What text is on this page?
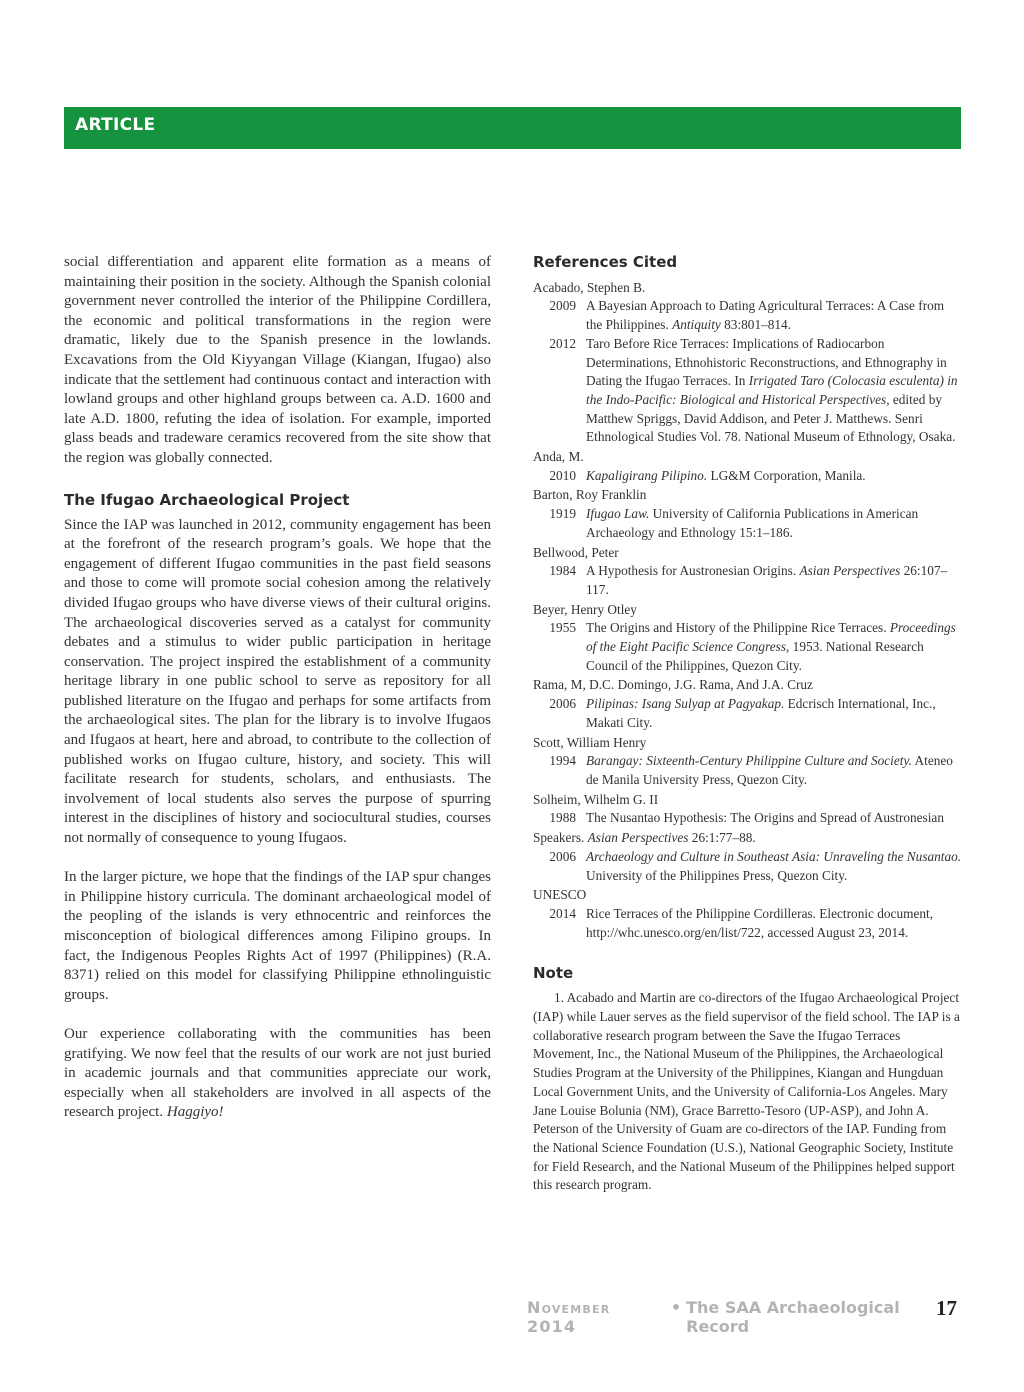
ARTICLE

social differentiation and apparent elite formation as a means of maintaining their position in the society. Although the Spanish colonial government never controlled the interior of the Philippine Cordillera, the economic and political transformations in the region were dramatic, likely due to the Spanish presence in the lowlands. Excavations from the Old Kiyyangan Village (Kiangan, Ifugao) also indicate that the settlement had continuous contact and interaction with lowland groups and other highland groups between ca. A.D. 1600 and late A.D. 1800, refuting the idea of isolation. For example, imported glass beads and tradeware ceramics recovered from the site show that the region was globally connected.

The Ifugao Archaeological Project

Since the IAP was launched in 2012, community engagement has been at the forefront of the research program’s goals. We hope that the engagement of different Ifugao communities in the past field seasons and those to come will promote social cohesion among the relatively divided Ifugao groups who have diverse views of their cultural origins. The archaeological discoveries served as a catalyst for community debates and a stimulus to wider public participation in heritage conservation. The project inspired the establishment of a community heritage library in one public school to serve as repository for all published literature on the Ifugao and perhaps for some artifacts from the archaeological sites. The plan for the library is to involve Ifugaos and Ifugaos at heart, here and abroad, to contribute to the collection of published works on Ifugao culture, history, and society. This will facilitate research for students, scholars, and enthusiasts. The involvement of local students also serves the purpose of spurring interest in the disciplines of history and sociocultural studies, courses not normally of consequence to young Ifugaos.

In the larger picture, we hope that the findings of the IAP spur changes in Philippine history curricula. The dominant archaeological model of the peopling of the islands is very ethnocentric and reinforces the misconception of biological differences among Filipino groups. In fact, the Indigenous Peoples Rights Act of 1997 (Philippines) (R.A. 8371) relied on this model for classifying Philippine ethnolinguistic groups.

Our experience collaborating with the communities has been gratifying. We now feel that the results of our work are not just buried in academic journals and that communities appreciate our work, especially when all stakeholders are involved in all aspects of the research project. Haggiyo!

References Cited
Acabado, Stephen B.
2009 A Bayesian Approach to Dating Agricultural Terraces: A Case from the Philippines. Antiquity 83:801–814.
2012 Taro Before Rice Terraces: Implications of Radiocarbon Determinations, Ethnohistoric Reconstructions, and Ethnography in Dating the Ifugao Terraces. In Irrigated Taro (Colocasia esculenta) in the Indo-Pacific: Biological and Historical Perspectives, edited by Matthew Spriggs, David Addison, and Peter J. Matthews. Senri Ethnological Studies Vol. 78. National Museum of Ethnology, Osaka.
Anda, M.
2010 Kapaligirang Pilipino. LG&M Corporation, Manila.
Barton, Roy Franklin
1919 Ifugao Law. University of California Publications in American Archaeology and Ethnology 15:1–186.
Bellwood, Peter
1984 A Hypothesis for Austronesian Origins. Asian Perspectives 26:107–117.
Beyer, Henry Otley
1955 The Origins and History of the Philippine Rice Terraces. Proceedings of the Eight Pacific Science Congress, 1953. National Research Council of the Philippines, Quezon City.
Rama, M, D.C. Domingo, J.G. Rama, And J.A. Cruz
2006 Pilipinas: Isang Sulyap at Pagyakap. Edcrisch International, Inc., Makati City.
Scott, William Henry
1994 Barangay: Sixteenth-Century Philippine Culture and Society. Ateneo de Manila University Press, Quezon City.
Solheim, Wilhelm G. II
1988 The Nusantao Hypothesis: The Origins and Spread of Austronesian
Speakers. Asian Perspectives 26:1:77–88.
2006 Archaeology and Culture in Southeast Asia: Unraveling the Nusantao. University of the Philippines Press, Quezon City.
UNESCO
2014 Rice Terraces of the Philippine Cordilleras. Electronic document, http://whc.unesco.org/en/list/722, accessed August 23, 2014.
Note

1. Acabado and Martin are co-directors of the Ifugao Archaeological Project (IAP) while Lauer serves as the field supervisor of the field school. The IAP is a collaborative research program between the Save the Ifugao Terraces Movement, Inc., the National Museum of the Philippines, the Archaeological Studies Program at the University of the Philippines, Kiangan and Hungduan Local Government Units, and the University of California-Los Angeles. Mary Jane Louise Bolunia (NM), Grace Barretto-Tesoro (UP-ASP), and John A. Peterson of the University of Guam are co-directors of the IAP. Funding from the National Science Foundation (U.S.), National Geographic Society, Institute for Field Research, and the National Museum of the Philippines helped support this research program.

November 2014
• The SAA Archaeological Record
17
